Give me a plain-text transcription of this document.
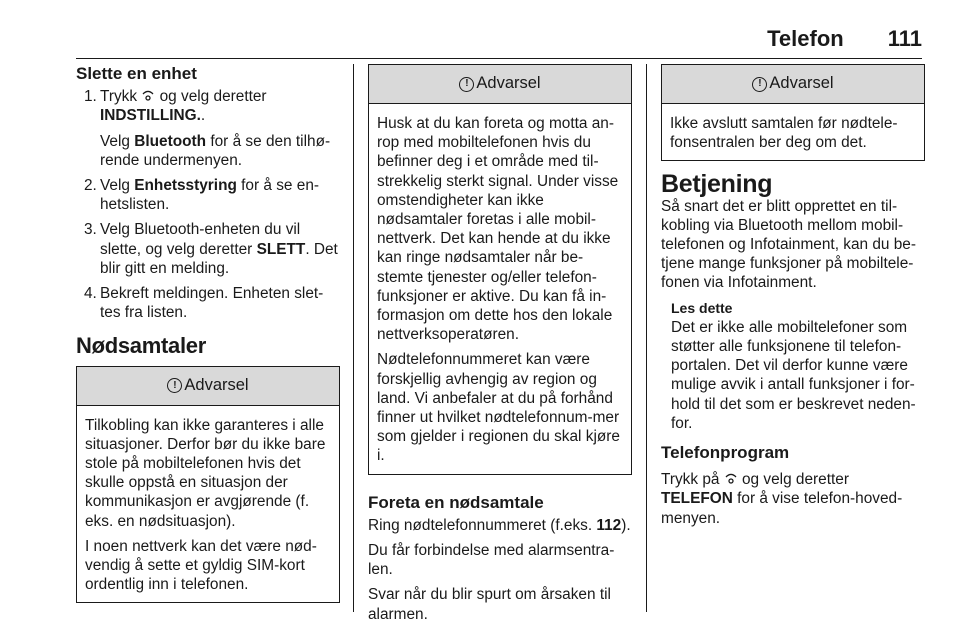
Telefon 111
Slette en enhet
1. Trykk og velg deretter
INDSTILLING..
Velg Bluetooth for å se den tilhø-rende undermenyen.
2. Velg Enhetsstyring for å se en-hetslisten.
3. Velg Bluetooth-enheten du vil slette, og velg deretter SLETT. Det blir gitt en melding.
4. Bekreft meldingen. Enheten slet-tes fra listen.
Nødsamtaler
! Advarsel

Tilkobling kan ikke garanteres i alle situasjoner. Derfor bør du ikke bare stole på mobiltelefonen hvis det skulle oppstå en situasjon der kommunikasjon er avgjørende (f. eks. en nødsituasjon).

I noen nettverk kan det være nød-vendig å sette et gyldig SIM-kort ordentlig inn i telefonen.

! Advarsel

Husk at du kan foreta og motta an-rop med mobiltelefonen hvis du befinner deg i et område med til-strekkelig sterkt signal. Under visse omstendigheter kan ikke nødsamtaler foretas i alle mobil-nettverk. Det kan hende at du ikke kan ringe nødsamtaler når be-stemte tjenester og/eller telefon-funksjoner er aktive. Du kan få in-formasjon om dette hos den lokale nettverksoperatøren.

Nødtelefonnummeret kan være forskjellig avhengig av region og land. Vi anbefaler at du på forhånd finner ut hvilket nødtelefonnum-mer som gjelder i regionen du skal kjøre i.

Foreta en nødsamtale

Ring nødtelefonnummeret (f.eks. 112).

Du får forbindelse med alarmsentra-len.

Svar når du blir spurt om årsaken til alarmen.

! Advarsel

Ikke avslutt samtalen før nødtele-fonsentralen ber deg om det.

Betjening

Så snart det er blitt opprettet en til-kobling via Bluetooth mellom mobil-telefonen og Infotainment, kan du be-tjene mange funksjoner på mobiltele-fonen via Infotainment.

Les dette
Det er ikke alle mobiltelefoner som støtter alle funksjonene til telefon-portalen. Det vil derfor kunne være mulige avvik i antall funksjoner i for-hold til det som er beskrevet neden-for.
Telefonprogram

Trykk på og velg deretter TELEFON for å vise telefon-hoved-menyen.
